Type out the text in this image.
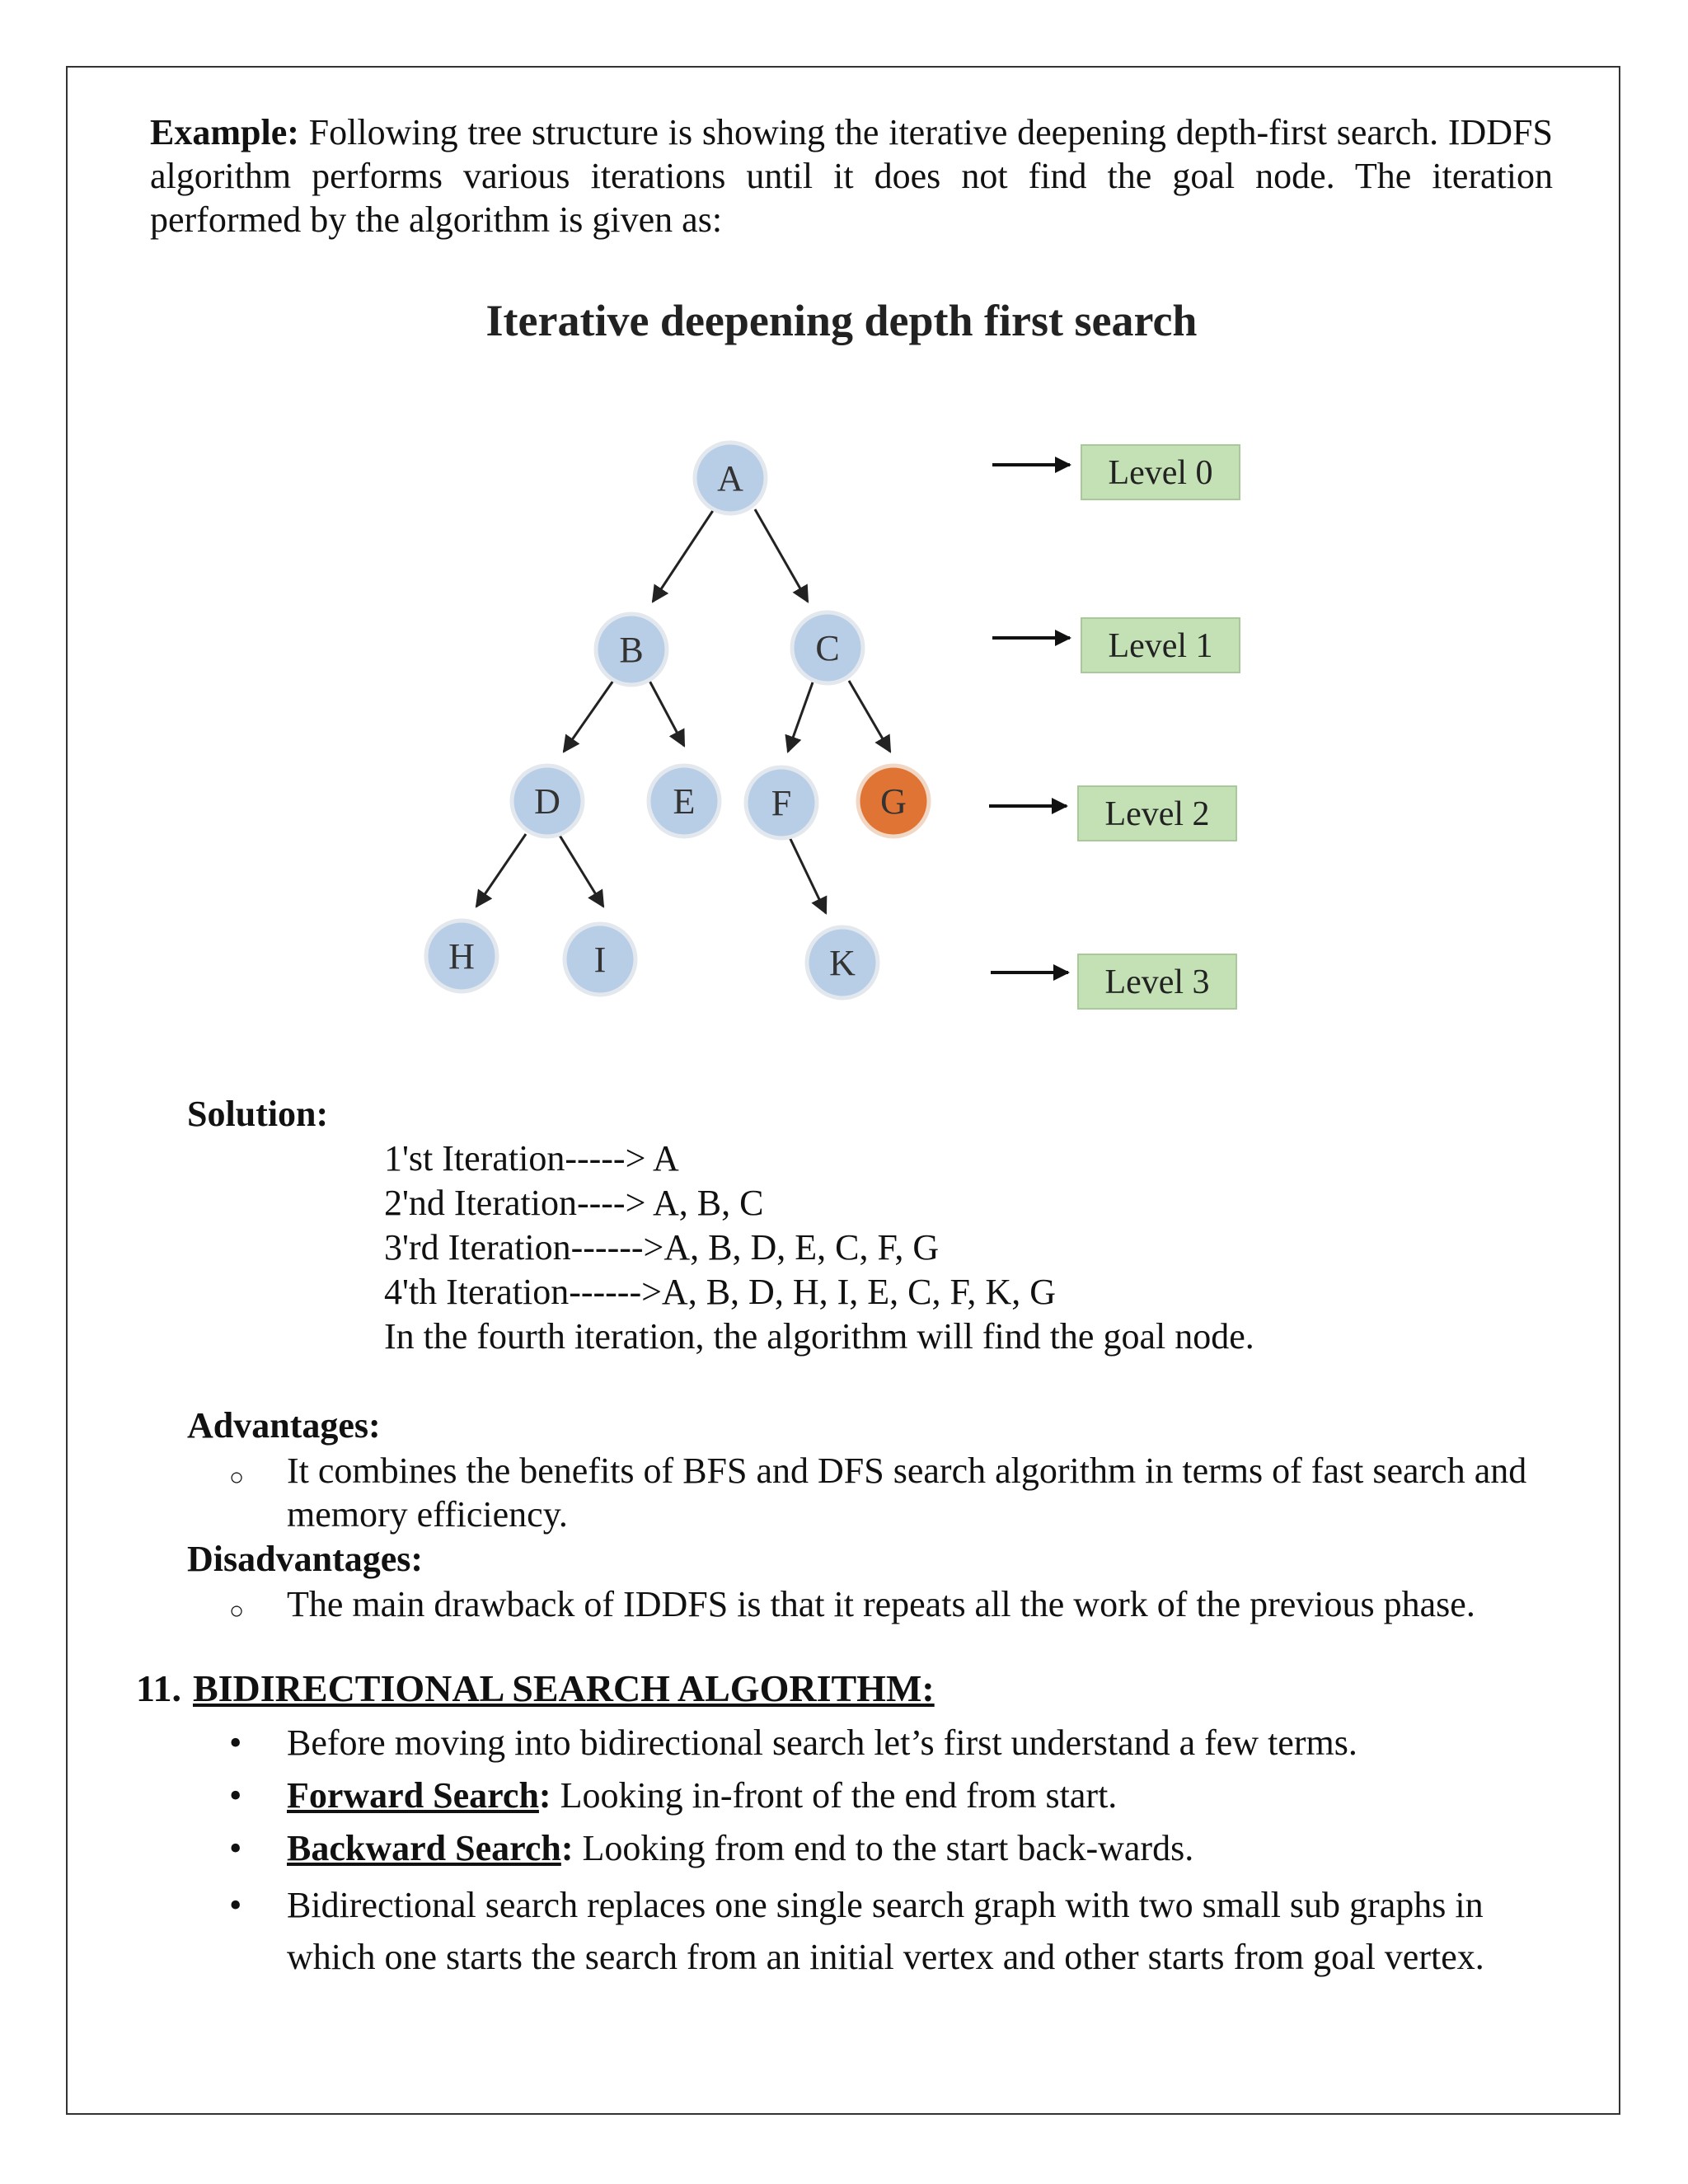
Example: Following tree structure is showing the iterative deepening depth-first search. IDDFS algorithm performs various iterations until it does not find the goal node. The iteration performed by the algorithm is given as:

Iterative deepening depth first search
A
B	C
D	E F G
H	I	K
Level 0
Level 1
Level 2
Level 3

Solution:

1'st Iteration-----> A

2'nd Iteration----> A, B, C

3'rd Iteration------>A, B, D, E, C, F, G

4'th Iteration------>A, B, D, H, I, E, C, F, K, G

In the fourth iteration, the algorithm will find the goal node.

Advantages:

○ It combines the benefits of BFS and DFS search algorithm in terms of fast search and memory efficiency.

Disadvantages:

○ The main drawback of IDDFS is that it repeats all the work of the previous phase.

11. BIDIRECTIONAL SEARCH ALGORITHM:

• Before moving into bidirectional search let’s first understand a few terms.
• Forward Search: Looking in-front of the end from start.
• Backward Search: Looking from end to the start back-wards.
• Bidirectional search replaces one single search graph with two small sub graphs in which one starts the search from an initial vertex and other starts from goal vertex.
